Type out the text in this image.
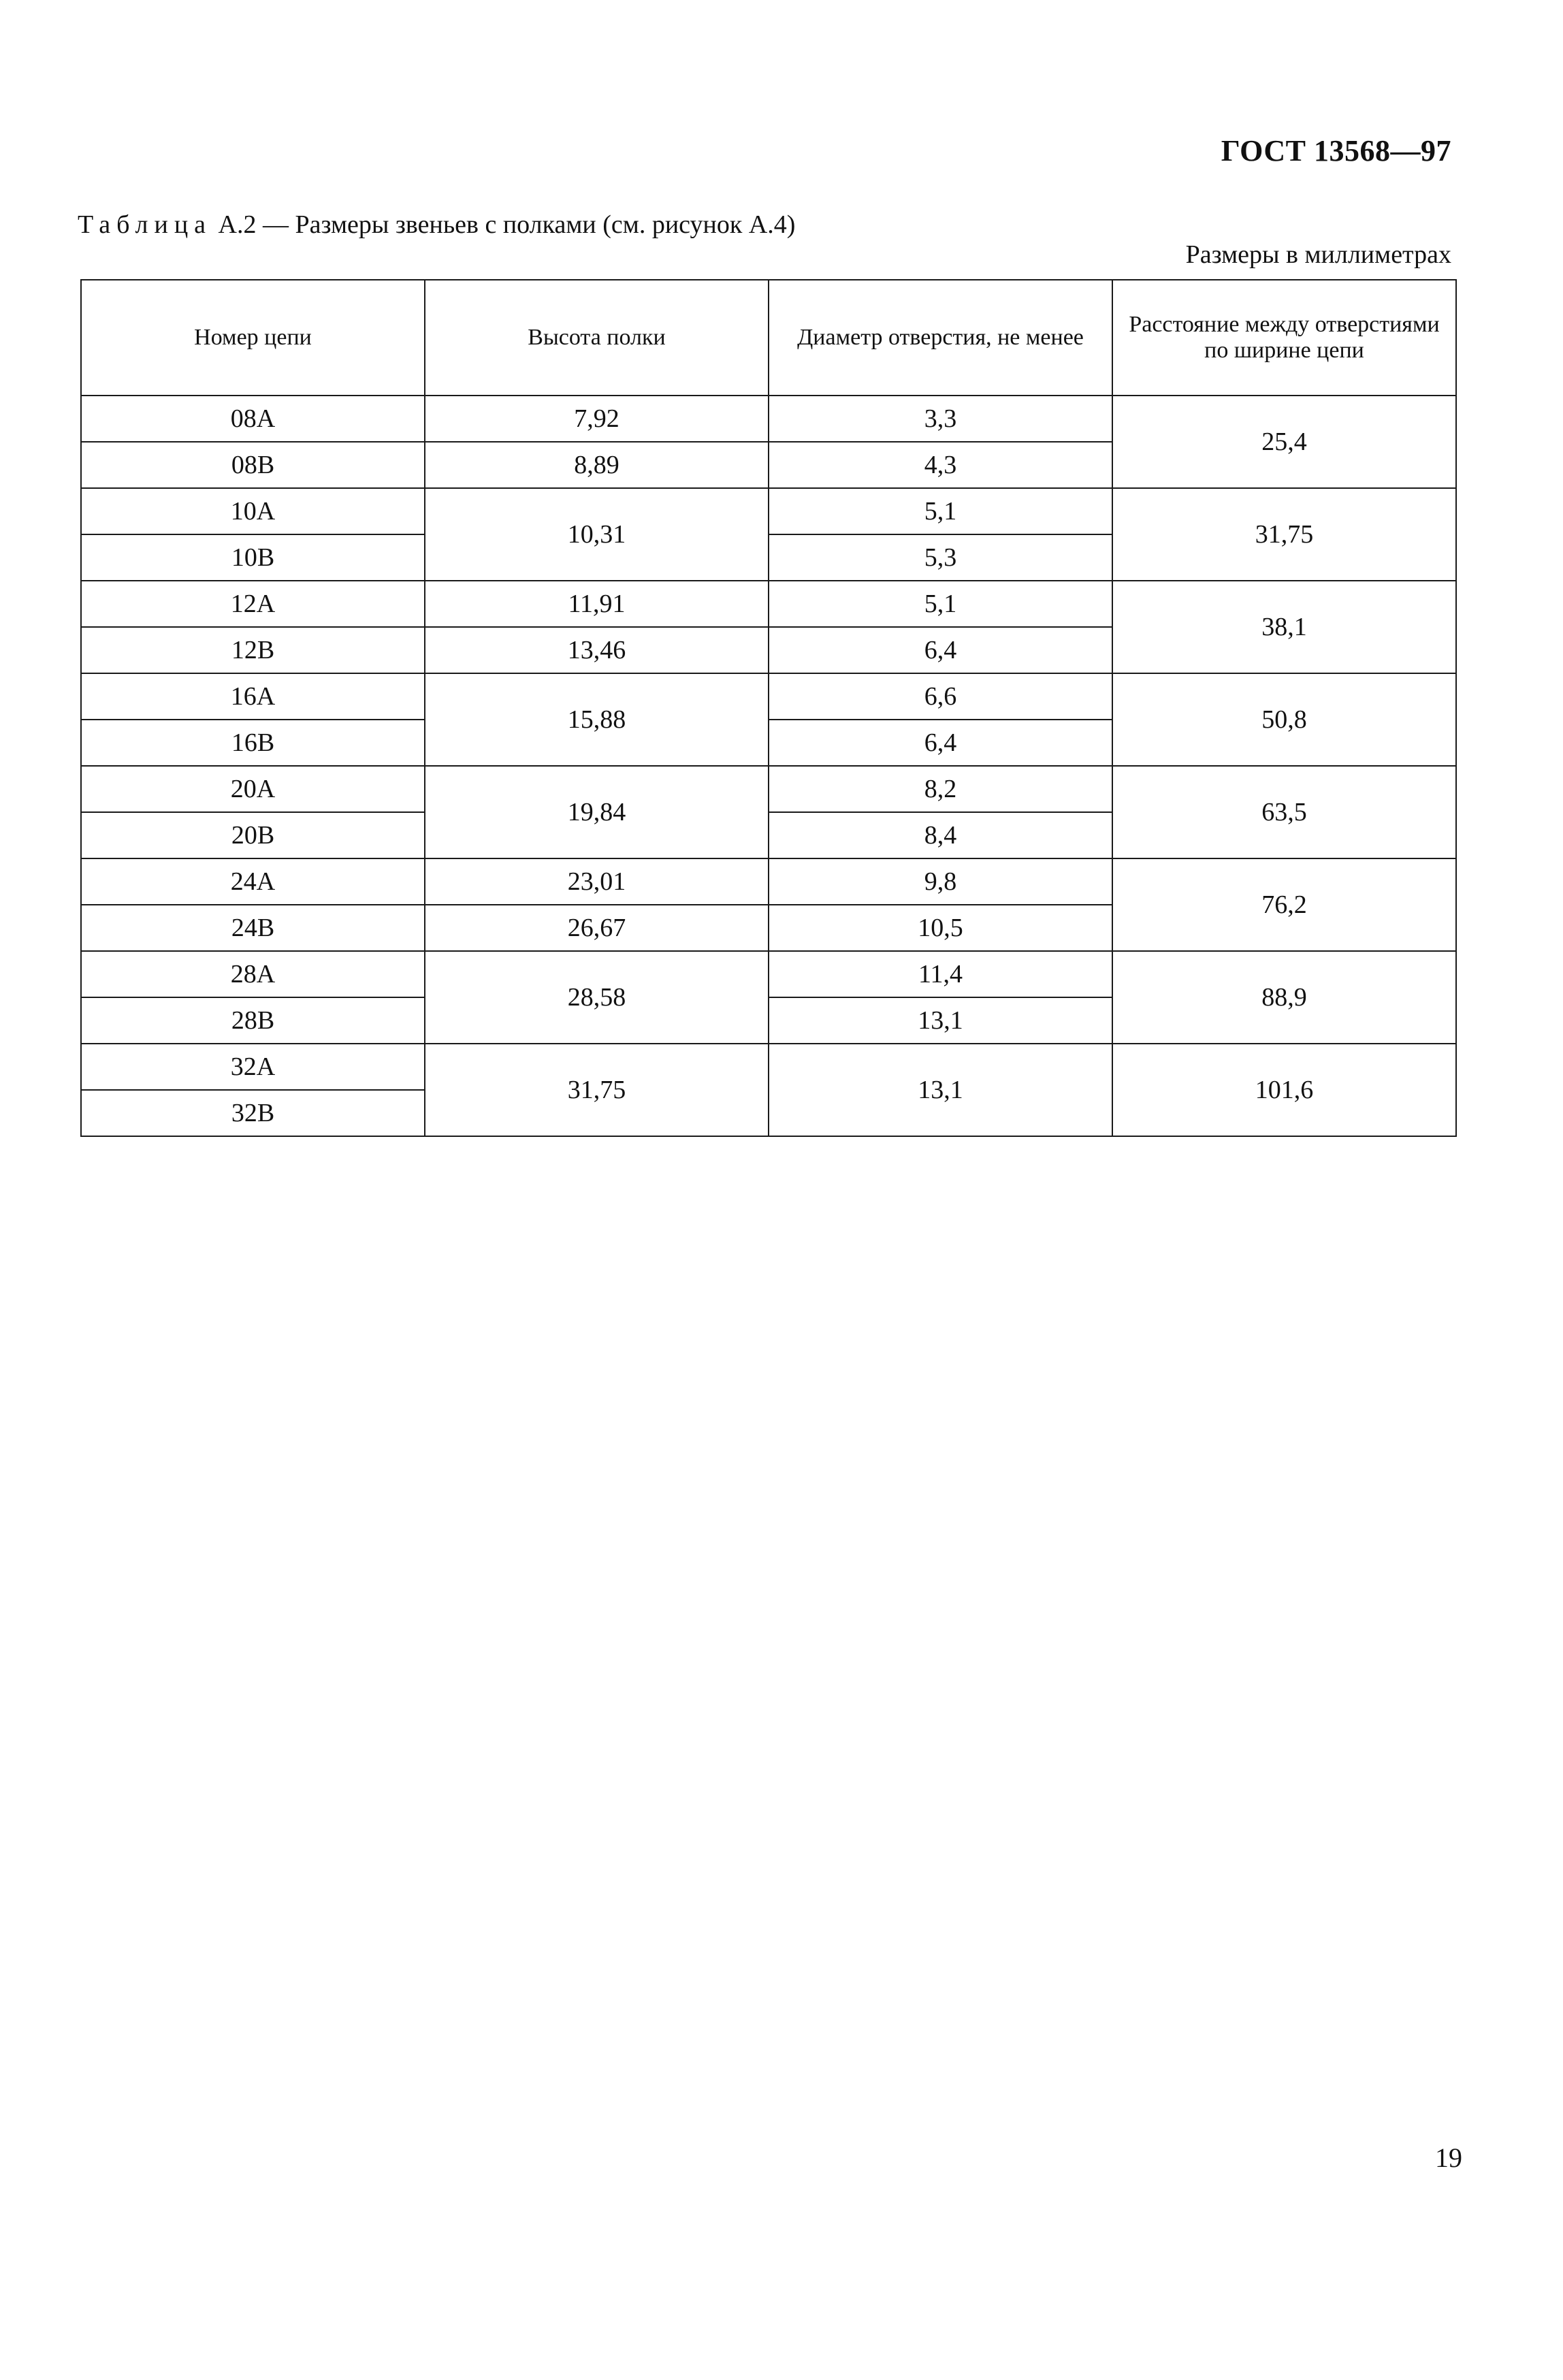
ГОСТ 13568—97
Таблица А.2 — Размеры звеньев с полками (см. рисунок А.4)
Размеры в миллиметрах
Номер цепи	Высота полки	Диаметр отверстия, не менее	Расстояние между отверстиями по ширине цепи
08A	7,92	3,3	25,4
08B	8,89	4,3	
10A	10,31	5,1	31,75
10B		5,3	
12A	11,91	5,1	38,1
12B	13,46	6,4	
16A	15,88	6,6	50,8
16B		6,4	
20A	19,84	8,2	63,5
20B		8,4	
24A	23,01	9,8	76,2
24B	26,67	10,5	
28A	28,58	11,4	88,9
28B		13,1	
32A	31,75	13,1	101,6
32B			
19
